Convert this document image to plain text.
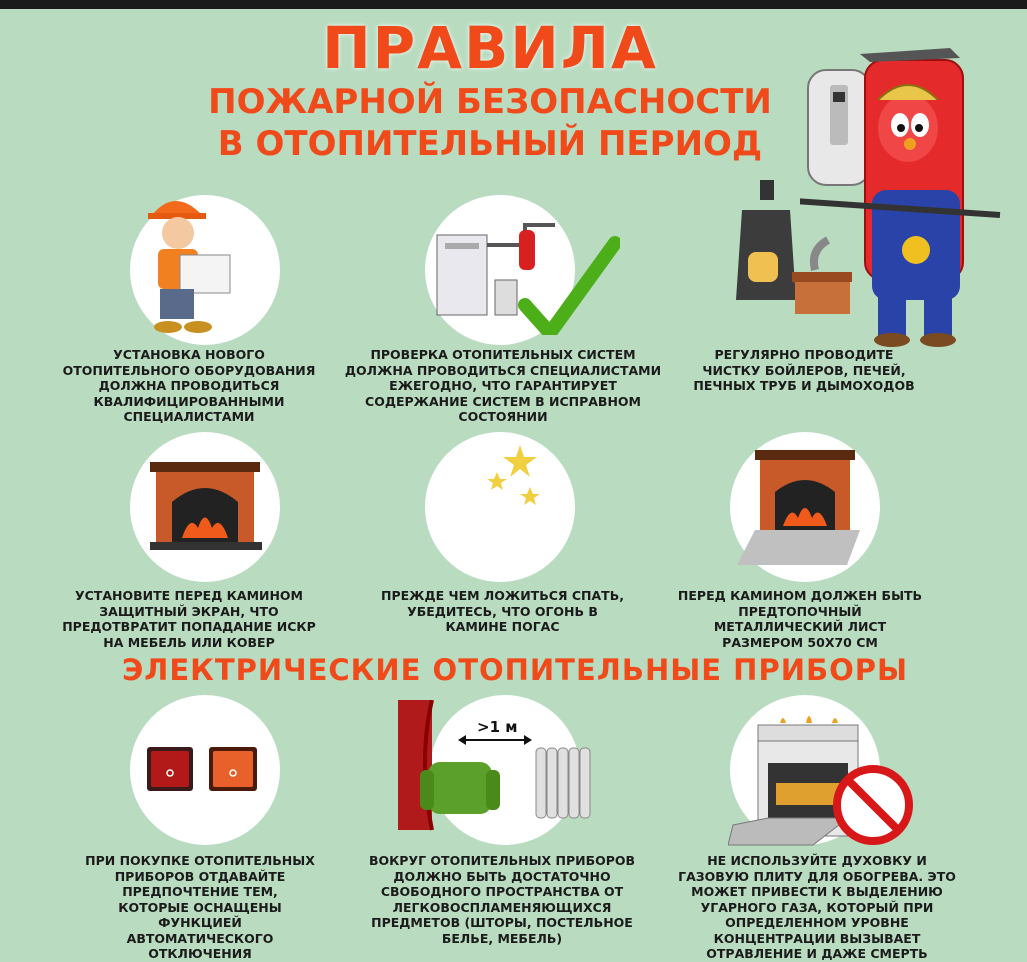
ПРАВИЛА
ПОЖАРНОЙ БЕЗОПАСНОСТИ
В ОТОПИТЕЛЬНЫЙ ПЕРИОД
УСТАНОВКА НОВОГО ОТОПИТЕЛЬНОГО ОБОРУДОВАНИЯ ДОЛЖНА ПРОВОДИТЬСЯ КВАЛИФИЦИРОВАННЫМИ СПЕЦИАЛИСТАМИ
ПРОВЕРКА ОТОПИТЕЛЬНЫХ СИСТЕМ ДОЛЖНА ПРОВОДИТЬСЯ СПЕЦИАЛИСТАМИ ЕЖЕГОДНО, ЧТО ГАРАНТИРУЕТ СОДЕРЖАНИЕ СИСТЕМ В ИСПРАВНОМ СОСТОЯНИИ
РЕГУЛЯРНО ПРОВОДИТЕ ЧИСТКУ БОЙЛЕРОВ, ПЕЧЕЙ, ПЕЧНЫХ ТРУБ И ДЫМОХОДОВ
УСТАНОВИТЕ ПЕРЕД КАМИНОМ ЗАЩИТНЫЙ ЭКРАН, ЧТО ПРЕДОТВРАТИТ ПОПАДАНИЕ ИСКР НА МЕБЕЛЬ ИЛИ КОВЕР
ПРЕЖДЕ ЧЕМ ЛОЖИТЬСЯ СПАТЬ, УБЕДИТЕСЬ, ЧТО ОГОНЬ В КАМИНЕ ПОГАС
ПЕРЕД КАМИНОМ ДОЛЖЕН БЫТЬ ПРЕДТОПОЧНЫЙ МЕТАЛЛИЧЕСКИЙ ЛИСТ РАЗМЕРОМ 50Х70 СМ
ЭЛЕКТРИЧЕСКИЕ ОТОПИТЕЛЬНЫЕ ПРИБОРЫ
>1 м
ПРИ ПОКУПКЕ ОТОПИТЕЛЬНЫХ ПРИБОРОВ ОТДАВАЙТЕ ПРЕДПОЧТЕНИЕ ТЕМ, КОТОРЫЕ ОСНАЩЕНЫ ФУНКЦИЕЙ АВТОМАТИЧЕСКОГО ОТКЛЮЧЕНИЯ
ВОКРУГ ОТОПИТЕЛЬНЫХ ПРИБОРОВ ДОЛЖНО БЫТЬ ДОСТАТОЧНО СВОБОДНОГО ПРОСТРАНСТВА ОТ ЛЕГКОВОСПЛАМЕНЯЮЩИХСЯ ПРЕДМЕТОВ (ШТОРЫ, ПОСТЕЛЬНОЕ БЕЛЬЕ, МЕБЕЛЬ)
НЕ ИСПОЛЬЗУЙТЕ ДУХОВКУ И ГАЗОВУЮ ПЛИТУ ДЛЯ ОБОГРЕВА. ЭТО МОЖЕТ ПРИВЕСТИ К ВЫДЕЛЕНИЮ УГАРНОГО ГАЗА, КОТОРЫЙ ПРИ ОПРЕДЕЛЕННОМ УРОВНЕ КОНЦЕНТРАЦИИ ВЫЗЫВАЕТ ОТРАВЛЕНИЕ И ДАЖЕ СМЕРТЬ
